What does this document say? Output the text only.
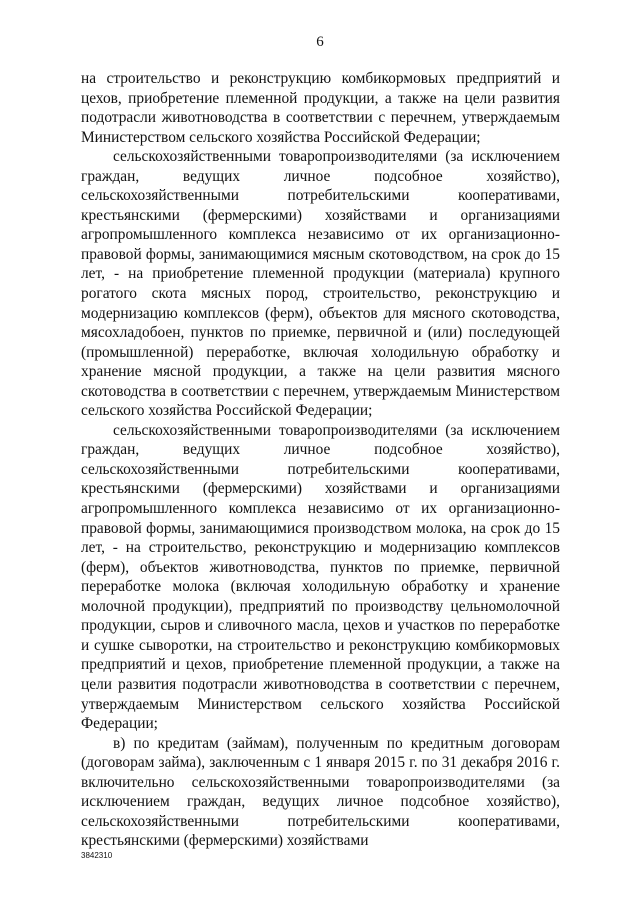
6

на строительство и реконструкцию комбикормовых предприятий и цехов, приобретение племенной продукции, а также на цели развития подотрасли животноводства в соответствии с перечнем, утверждаемым Министерством сельского хозяйства Российской Федерации;

сельскохозяйственными товаропроизводителями (за исключением граждан, ведущих личное подсобное хозяйство), сельскохозяйственными потребительскими кооперативами, крестьянскими (фермерскими) хозяйствами и организациями агропромышленного комплекса независимо от их организационно-правовой формы, занимающимися мясным скотоводством, на срок до 15 лет, - на приобретение племенной продукции (материала) крупного рогатого скота мясных пород, строительство, реконструкцию и модернизацию комплексов (ферм), объектов для мясного скотоводства, мясохладобоен, пунктов по приемке, первичной и (или) последующей (промышленной) переработке, включая холодильную обработку и хранение мясной продукции, а также на цели развития мясного скотоводства в соответствии с перечнем, утверждаемым Министерством сельского хозяйства Российской Федерации;

сельскохозяйственными товаропроизводителями (за исключением граждан, ведущих личное подсобное хозяйство), сельскохозяйственными потребительскими кооперативами, крестьянскими (фермерскими) хозяйствами и организациями агропромышленного комплекса независимо от их организационно-правовой формы, занимающимися производством молока, на срок до 15 лет, - на строительство, реконструкцию и модернизацию комплексов (ферм), объектов животноводства, пунктов по приемке, первичной переработке молока (включая холодильную обработку и хранение молочной продукции), предприятий по производству цельномолочной продукции, сыров и сливочного масла, цехов и участков по переработке и сушке сыворотки, на строительство и реконструкцию комбикормовых предприятий и цехов, приобретение племенной продукции, а также на цели развития подотрасли животноводства в соответствии с перечнем, утверждаемым Министерством сельского хозяйства Российской Федерации;

в) по кредитам (займам), полученным по кредитным договорам (договорам займа), заключенным с 1 января 2015 г. по 31 декабря 2016 г. включительно сельскохозяйственными товаропроизводителями (за исключением граждан, ведущих личное подсобное хозяйство), сельскохозяйственными потребительскими кооперативами, крестьянскими (фермерскими) хозяйствами

3842310
